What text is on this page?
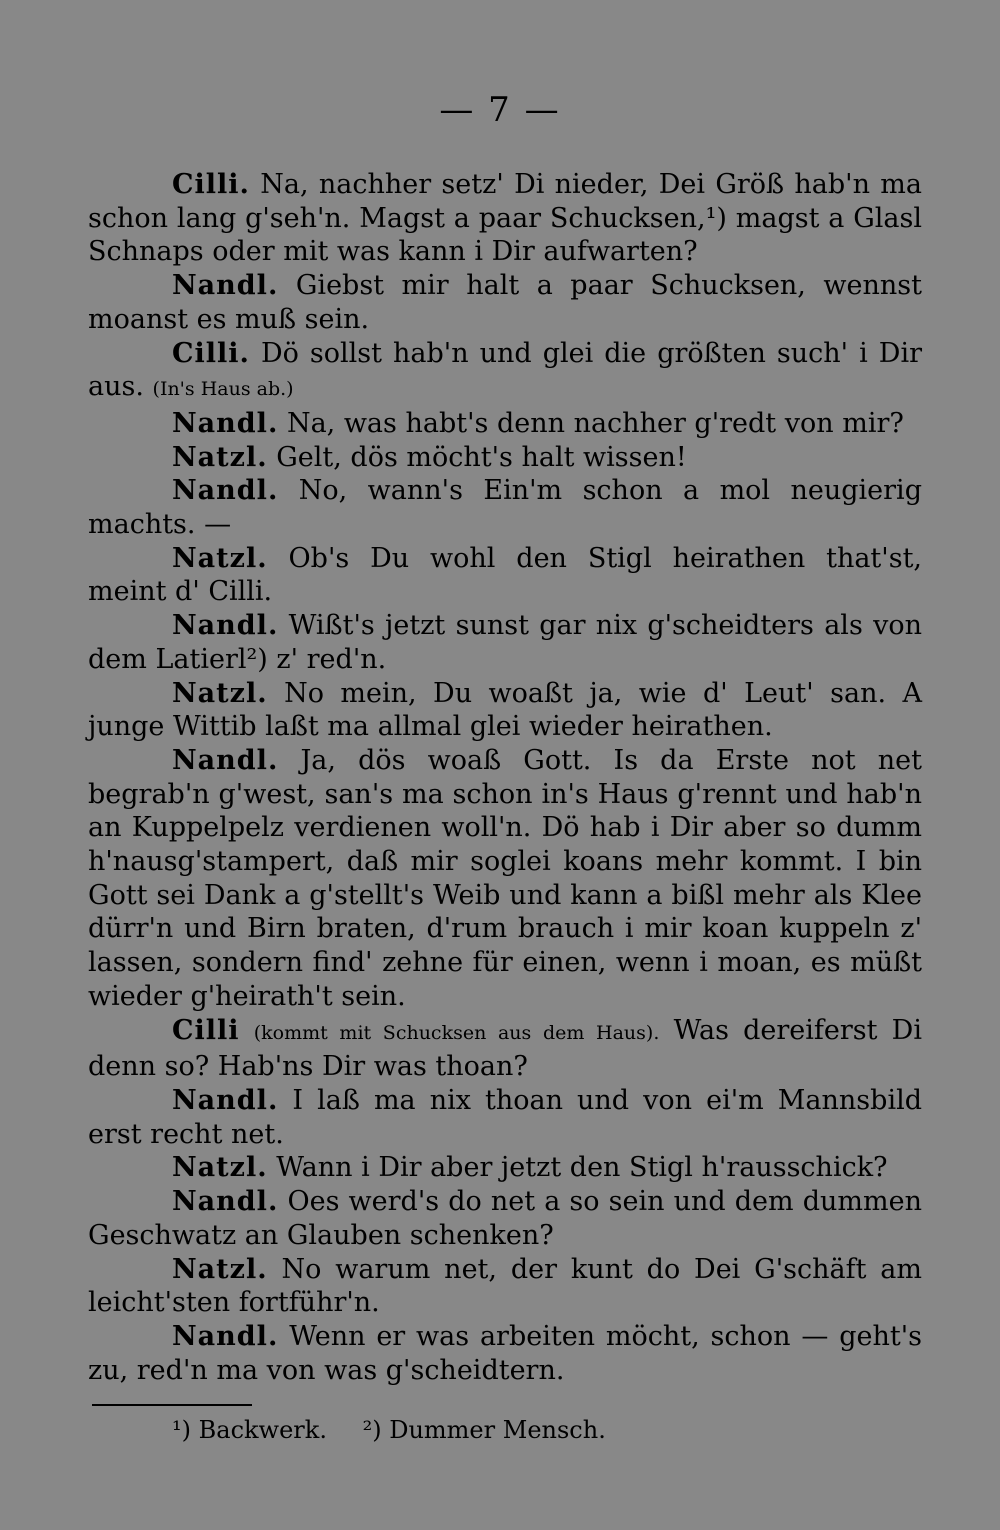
— 7 —

Cilli. Na, nachher setz' Di nieder, Dei Größ hab'n ma schon lang g'seh'n. Magst a paar Schucksen,¹) magst a Glasl Schnaps oder mit was kann i Dir aufwarten?

Nandl. Giebst mir halt a paar Schucksen, wennst moanst es muß sein.

Cilli. Dö sollst hab'n und glei die größten such' i Dir aus. (In's Haus ab.)

Nandl. Na, was habt's denn nachher g'redt von mir?

Natzl. Gelt, dös möcht's halt wissen!

Nandl. No, wann's Ein'm schon a mol neugierig machts. —

Natzl. Ob's Du wohl den Stigl heirathen that'st, meint d' Cilli.

Nandl. Wißt's jetzt sunst gar nix g'scheidters als von dem Latierl²) z' red'n.

Natzl. No mein, Du woaßt ja, wie d' Leut' san. A junge Wittib laßt ma allmal glei wieder heirathen.

Nandl. Ja, dös woaß Gott. Is da Erste not net begrab'n g'west, san's ma schon in's Haus g'rennt und hab'n an Kuppelpelz verdienen woll'n. Dö hab i Dir aber so dumm h'nausg'stampert, daß mir soglei koans mehr kommt. I bin Gott sei Dank a g'stellt's Weib und kann a bißl mehr als Klee dürr'n und Birn braten, d'rum brauch i mir koan kuppeln z' lassen, sondern find' zehne für einen, wenn i moan, es müßt wieder g'heirath't sein.

Cilli (kommt mit Schucksen aus dem Haus). Was dereiferst Di denn so? Hab'ns Dir was thoan?

Nandl. I laß ma nix thoan und von ei'm Mannsbild erst recht net.

Natzl. Wann i Dir aber jetzt den Stigl h'rausschick?

Nandl. Oes werd's do net a so sein und dem dummen Geschwatz an Glauben schenken?

Natzl. No warum net, der kunt do Dei G'schäft am leicht'sten fortführ'n.

Nandl. Wenn er was arbeiten möcht, schon — geht's zu, red'n ma von was g'scheidtern.

¹) Backwerk. ²) Dummer Mensch.
